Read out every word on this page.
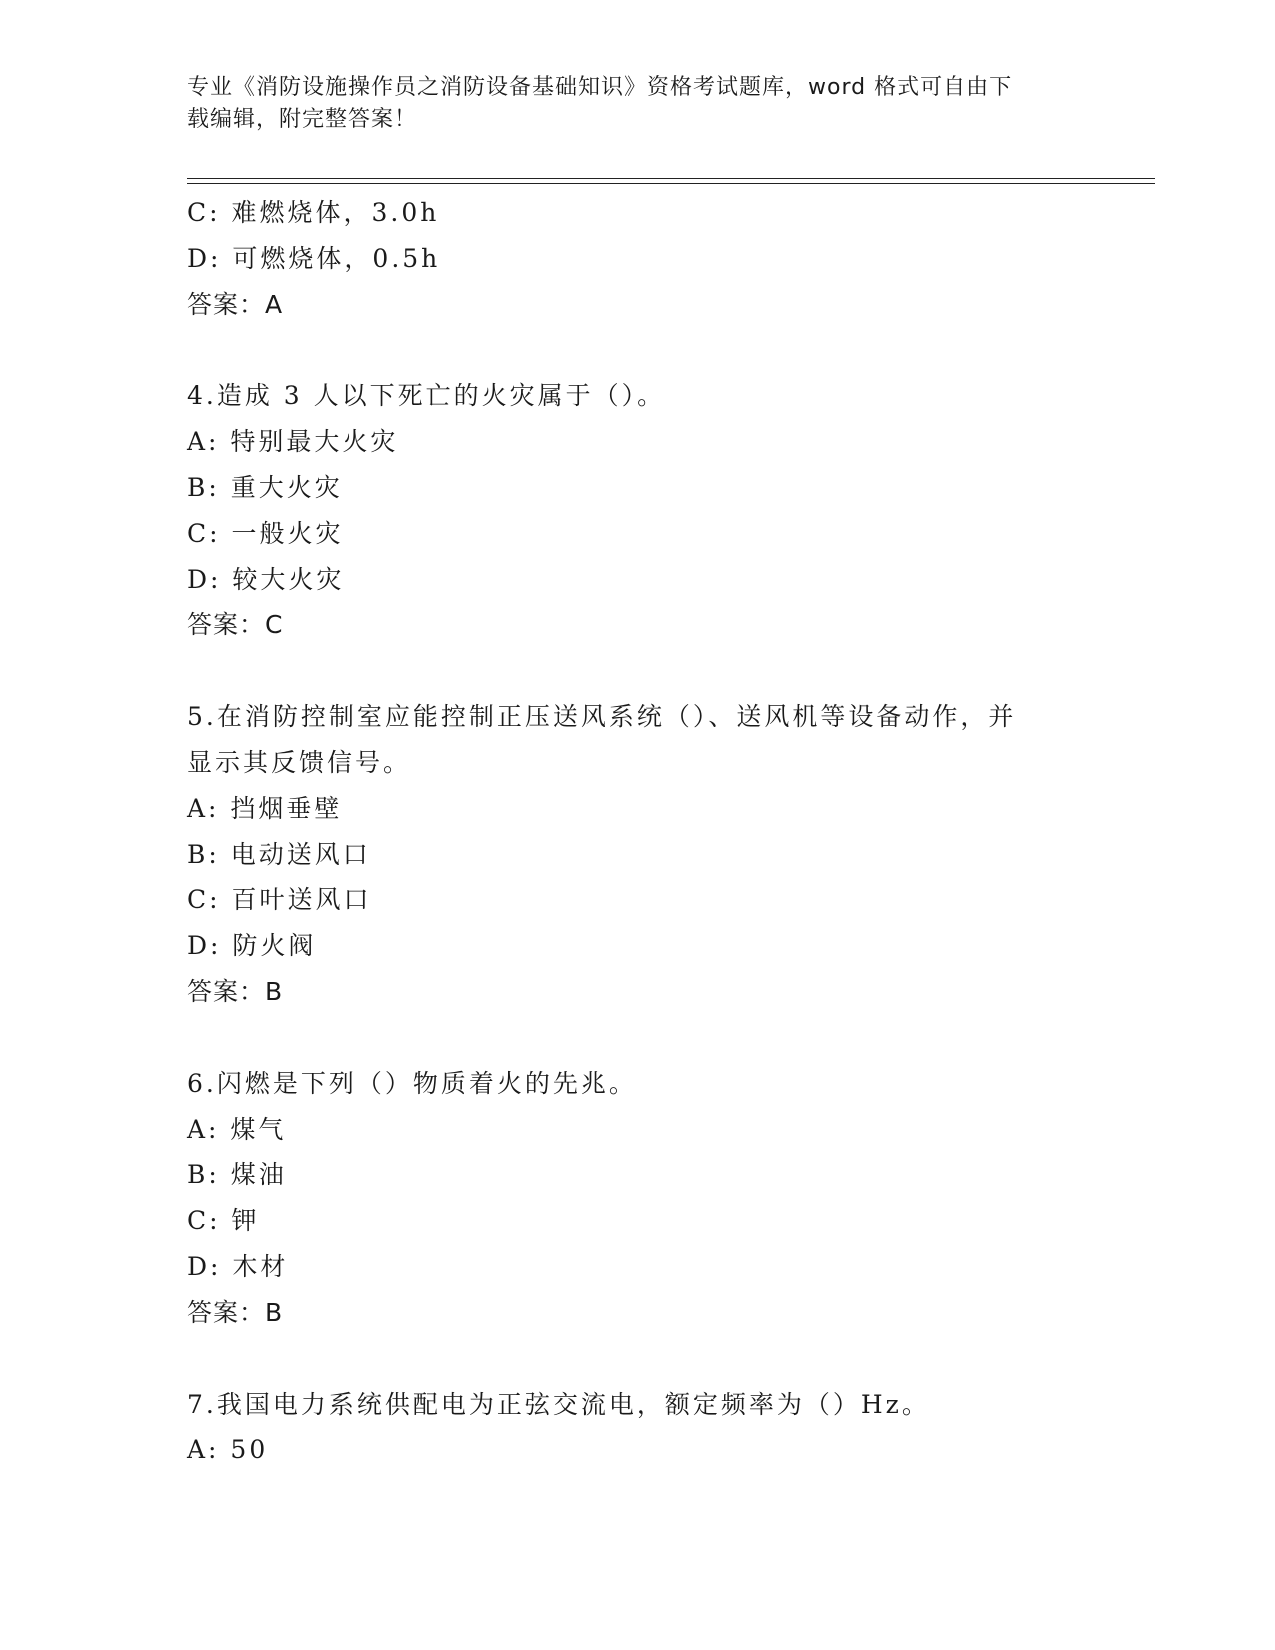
专业《消防设施操作员之消防设备基础知识》资格考试题库，word 格式可自由下
载编辑，附完整答案！
C: 难燃烧体，3.0h
D: 可燃烧体，0.5h
答案：A
4.造成 3 人以下死亡的火灾属于（）。
A: 特别最大火灾
B: 重大火灾
C: 一般火灾
D: 较大火灾
答案：C
5.在消防控制室应能控制正压送风系统（）、送风机等设备动作，并
显示其反馈信号。
A: 挡烟垂壁
B: 电动送风口
C: 百叶送风口
D: 防火阀
答案：B
6.闪燃是下列（）物质着火的先兆。
A: 煤气
B: 煤油
C: 钾
D: 木材
答案：B
7.我国电力系统供配电为正弦交流电，额定频率为（）Hz。
A: 50
